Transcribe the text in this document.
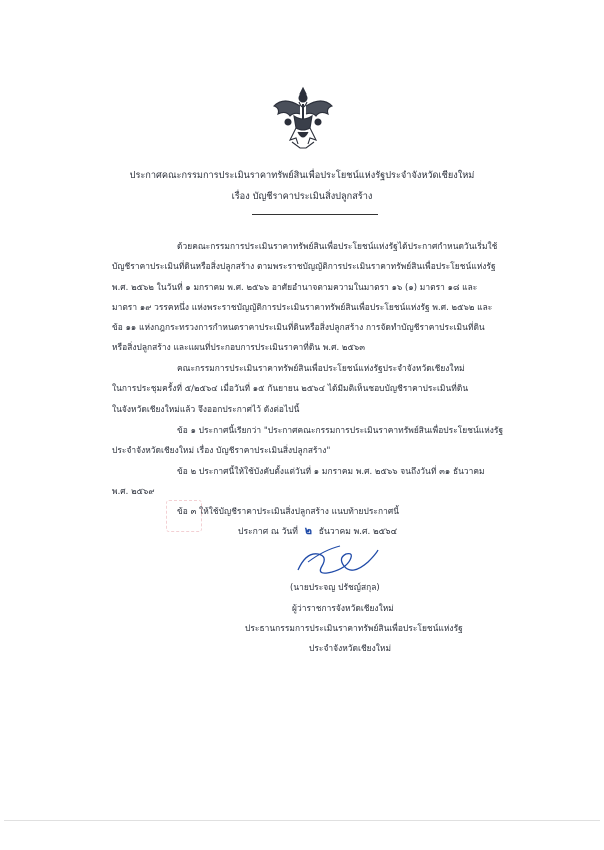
ประกาศคณะกรรมการประเมินราคาทรัพย์สินเพื่อประโยชน์แห่งรัฐประจำจังหวัดเชียงใหม่
เรื่อง บัญชีราคาประเมินสิ่งปลูกสร้าง
ด้วยคณะกรรมการประเมินราคาทรัพย์สินเพื่อประโยชน์แห่งรัฐได้ประกาศกำหนดวันเริ่มใช้
บัญชีราคาประเมินที่ดินหรือสิ่งปลูกสร้าง ตามพระราชบัญญัติการประเมินราคาทรัพย์สินเพื่อประโยชน์แห่งรัฐ
พ.ศ. ๒๕๖๒ ในวันที่ ๑ มกราคม พ.ศ. ๒๕๖๖ อาศัยอำนาจตามความในมาตรา ๑๖ (๑) มาตรา ๑๘ และ
มาตรา ๑๙ วรรคหนึ่ง แห่งพระราชบัญญัติการประเมินราคาทรัพย์สินเพื่อประโยชน์แห่งรัฐ พ.ศ. ๒๕๖๒ และ
ข้อ ๑๑ แห่งกฎกระทรวงการกำหนดราคาประเมินที่ดินหรือสิ่งปลูกสร้าง การจัดทำบัญชีราคาประเมินที่ดิน
หรือสิ่งปลูกสร้าง และแผนที่ประกอบการประเมินราคาที่ดิน พ.ศ. ๒๕๖๓
คณะกรรมการประเมินราคาทรัพย์สินเพื่อประโยชน์แห่งรัฐประจำจังหวัดเชียงใหม่
ในการประชุมครั้งที่ ๕/๒๕๖๔ เมื่อวันที่ ๑๕ กันยายน ๒๕๖๔ ได้มีมติเห็นชอบบัญชีราคาประเมินที่ดิน
ในจังหวัดเชียงใหม่แล้ว จึงออกประกาศไว้ ดังต่อไปนี้
ข้อ ๑ ประกาศนี้เรียกว่า "ประกาศคณะกรรมการประเมินราคาทรัพย์สินเพื่อประโยชน์แห่งรัฐ
ประจำจังหวัดเชียงใหม่ เรื่อง บัญชีราคาประเมินสิ่งปลูกสร้าง"
ข้อ ๒ ประกาศนี้ให้ใช้บังคับตั้งแต่วันที่ ๑ มกราคม พ.ศ. ๒๕๖๖ จนถึงวันที่ ๓๑ ธันวาคม
พ.ศ. ๒๕๖๙
ข้อ ๓ ให้ใช้บัญชีราคาประเมินสิ่งปลูกสร้าง แนบท้ายประกาศนี้
ประกาศ ณ วันที่ ๒ ธันวาคม พ.ศ. ๒๕๖๔
(นายประจญ ปรัชญ์สกุล)
ผู้ว่าราชการจังหวัดเชียงใหม่
ประธานกรรมการประเมินราคาทรัพย์สินเพื่อประโยชน์แห่งรัฐ
ประจำจังหวัดเชียงใหม่
